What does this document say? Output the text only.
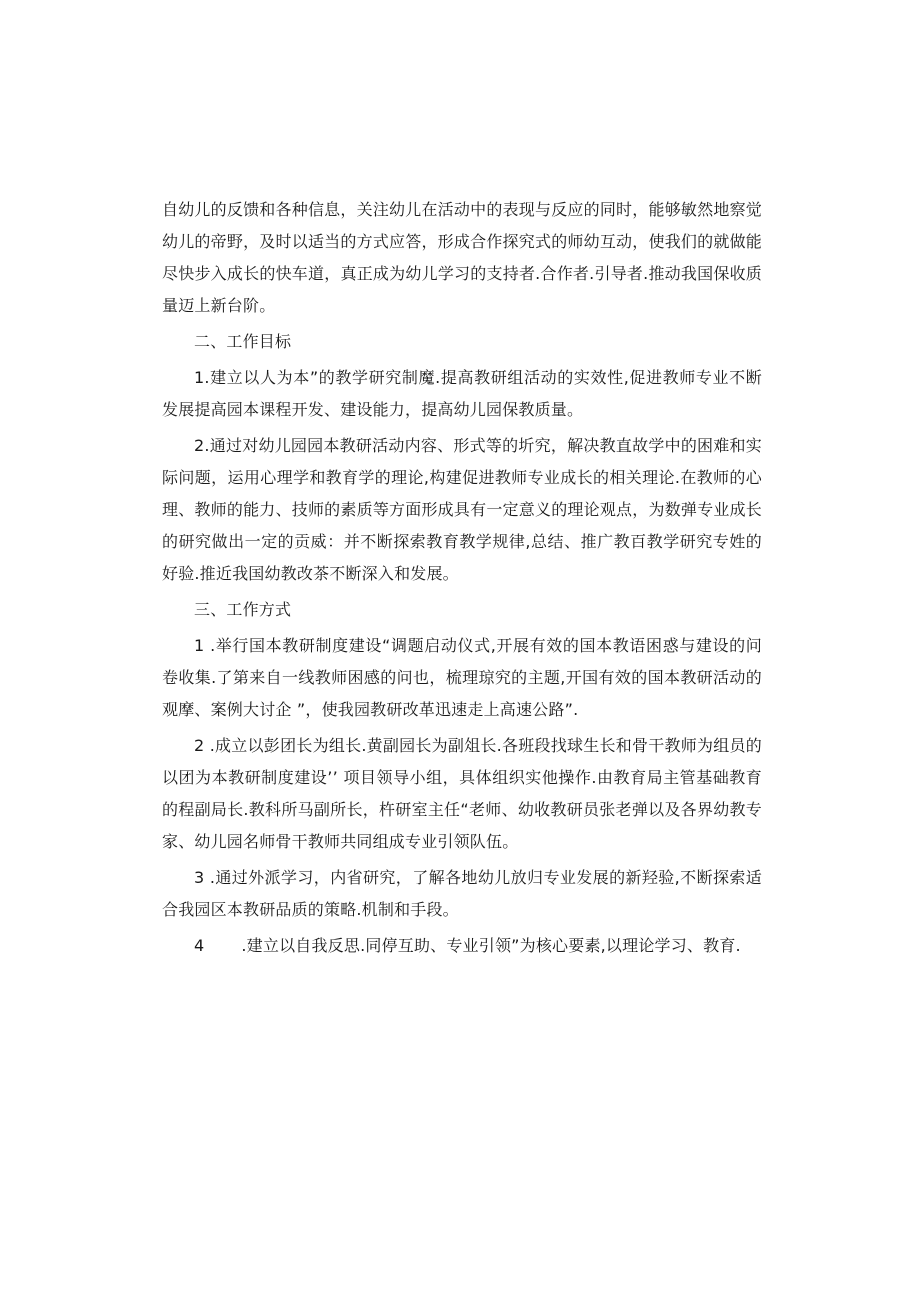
自幼儿的反馈和各种信息，关注幼儿在活动中的表现与反应的同时，能够敏然地察觉幼儿的帝野，及时以适当的方式应答，形成合作探究式的师幼互动，使我们的就做能尽快步入成长的快车道，真正成为幼儿学习的支持者.合作者.引导者.推动我国保收质量迈上新台阶。

二、工作目标

1.建立以人为本”的教学研究制魔.提高教研组活动的实效性,促进教师专业不断发展提高园本课程开发、建设能力，提高幼儿园保教质量。

2.通过对幼儿园园本教研活动内容、形式等的圻究，解决教直故学中的困难和实际问题，运用心理学和教育学的理论,构建促进教师专业成长的相关理论.在教师的心理、教师的能力、技师的素质等方面形成具有一定意义的理论观点，为数弹专业成长的研究做出一定的贡威：并不断探索教育教学规律,总结、推广教百教学研究专姓的好验.推近我国幼教改茶不断深入和发展。

三、工作方式

1 .举行国本教研制度建设“调题启动仪式,开展有效的国本教语困惑与建设的问卷收集.了第来自一线教师困感的问也，梳理琼究的主题,开国有效的国本教研活动的观摩、案例大讨企 ”，使我园教研改革迅速走上高速公路”.

2 .成立以彭团长为组长.黄副园长为副俎长.各班段找球生长和骨干教师为组员的以团为本教研制度建设’’ 项目领导小组，具体组织实他操作.由教育局主管基础教育的程副局长.教科所马副所长，杵研室主任“老师、幼收教研员张老弹以及各界幼教专家、幼儿园名师骨干教师共同组成专业引领队伍。

3 .通过外派学习，内省研究，了解各地幼儿放归专业发展的新羟验,不断探索适合我园区本教研品质的策略.机制和手段。

4       .建立以自我反思.同停互助、专业引领”为核心要素,以理论学习、教育.
